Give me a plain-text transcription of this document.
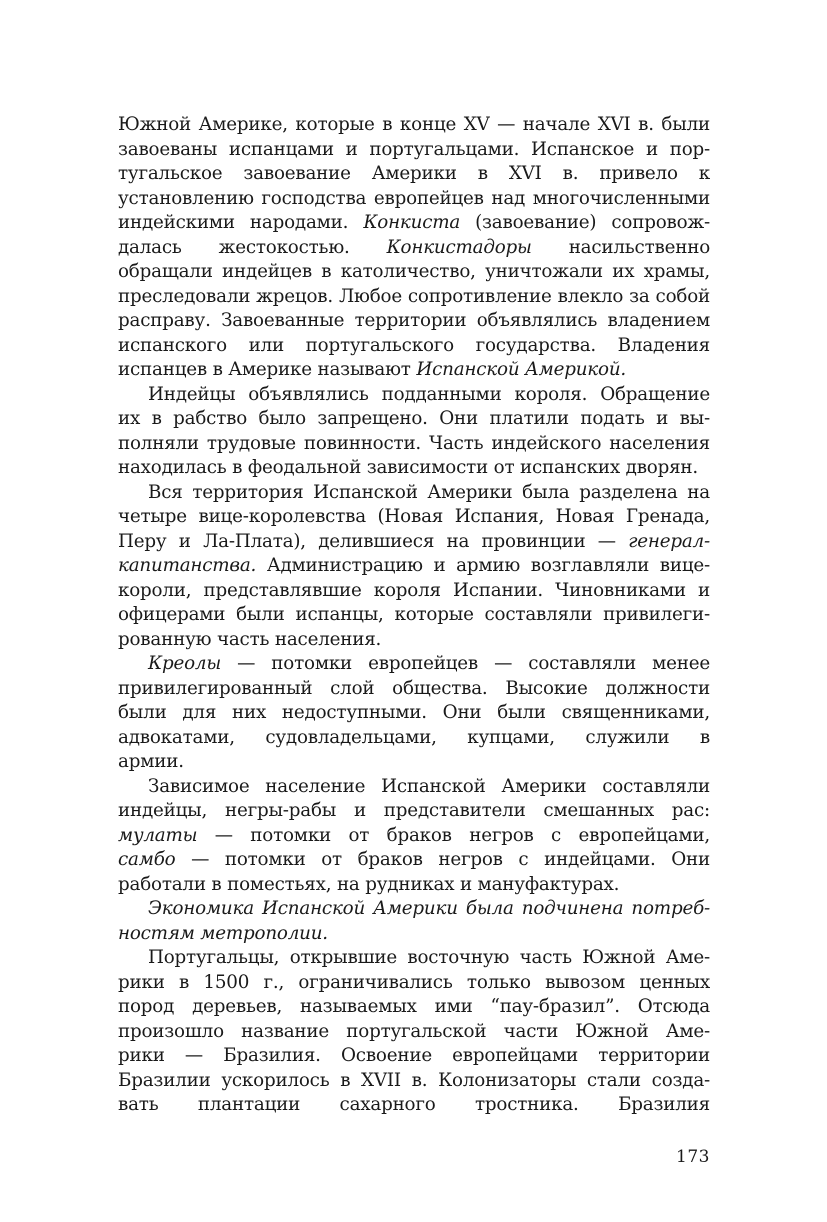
Южной Америке, которые в конце XV — начале XVI в. были
завоеваны испанцами и португальцами. Испанское и пор-
тугальское завоевание Америки в XVI в. привело к
установлению господства европейцев над многочисленными
индейскими народами. Конкиста (завоевание) сопровож-
далась жестокостью. Конкистадоры насильственно
обращали индейцев в католичество, уничтожали их храмы,
преследовали жрецов. Любое сопротивление влекло за собой
расправу. Завоеванные территории объявлялись владением
испанского или португальского государства. Владения
испанцев в Америке называют Испанской Америкой.
Индейцы объявлялись подданными короля. Обращение
их в рабство было запрещено. Они платили подать и вы-
полняли трудовые повинности. Часть индейского населения
находилась в феодальной зависимости от испанских дворян.
Вся территория Испанской Америки была разделена на
четыре вице-королевства (Новая Испания, Новая Гренада,
Перу и Ла-Плата), делившиеся на провинции — генерал-
капитанства. Администрацию и армию возглавляли вице-
короли, представлявшие короля Испании. Чиновниками и
офицерами были испанцы, которые составляли привилеги-
рованную часть населения.
Креолы — потомки европейцев — составляли менее
привилегированный слой общества. Высокие должности
были для них недоступными. Они были священниками,
адвокатами, судовладельцами, купцами, служили в
армии.
Зависимое население Испанской Америки составляли
индейцы, негры-рабы и представители смешанных рас:
мулаты — потомки от браков негров с европейцами,
самбо — потомки от браков негров с индейцами. Они
работали в поместьях, на рудниках и мануфактурах.
Экономика Испанской Америки была подчинена потреб-
ностям метрополии.
Португальцы, открывшие восточную часть Южной Аме-
рики в 1500 г., ограничивались только вывозом ценных
пород деревьев, называемых ими “пау-бразил”. Отсюда
произошло название португальской части Южной Аме-
рики — Бразилия. Освоение европейцами территории
Бразилии ускорилось в XVII в. Колонизаторы стали созда-
вать плантации сахарного тростника. Бразилия
173
